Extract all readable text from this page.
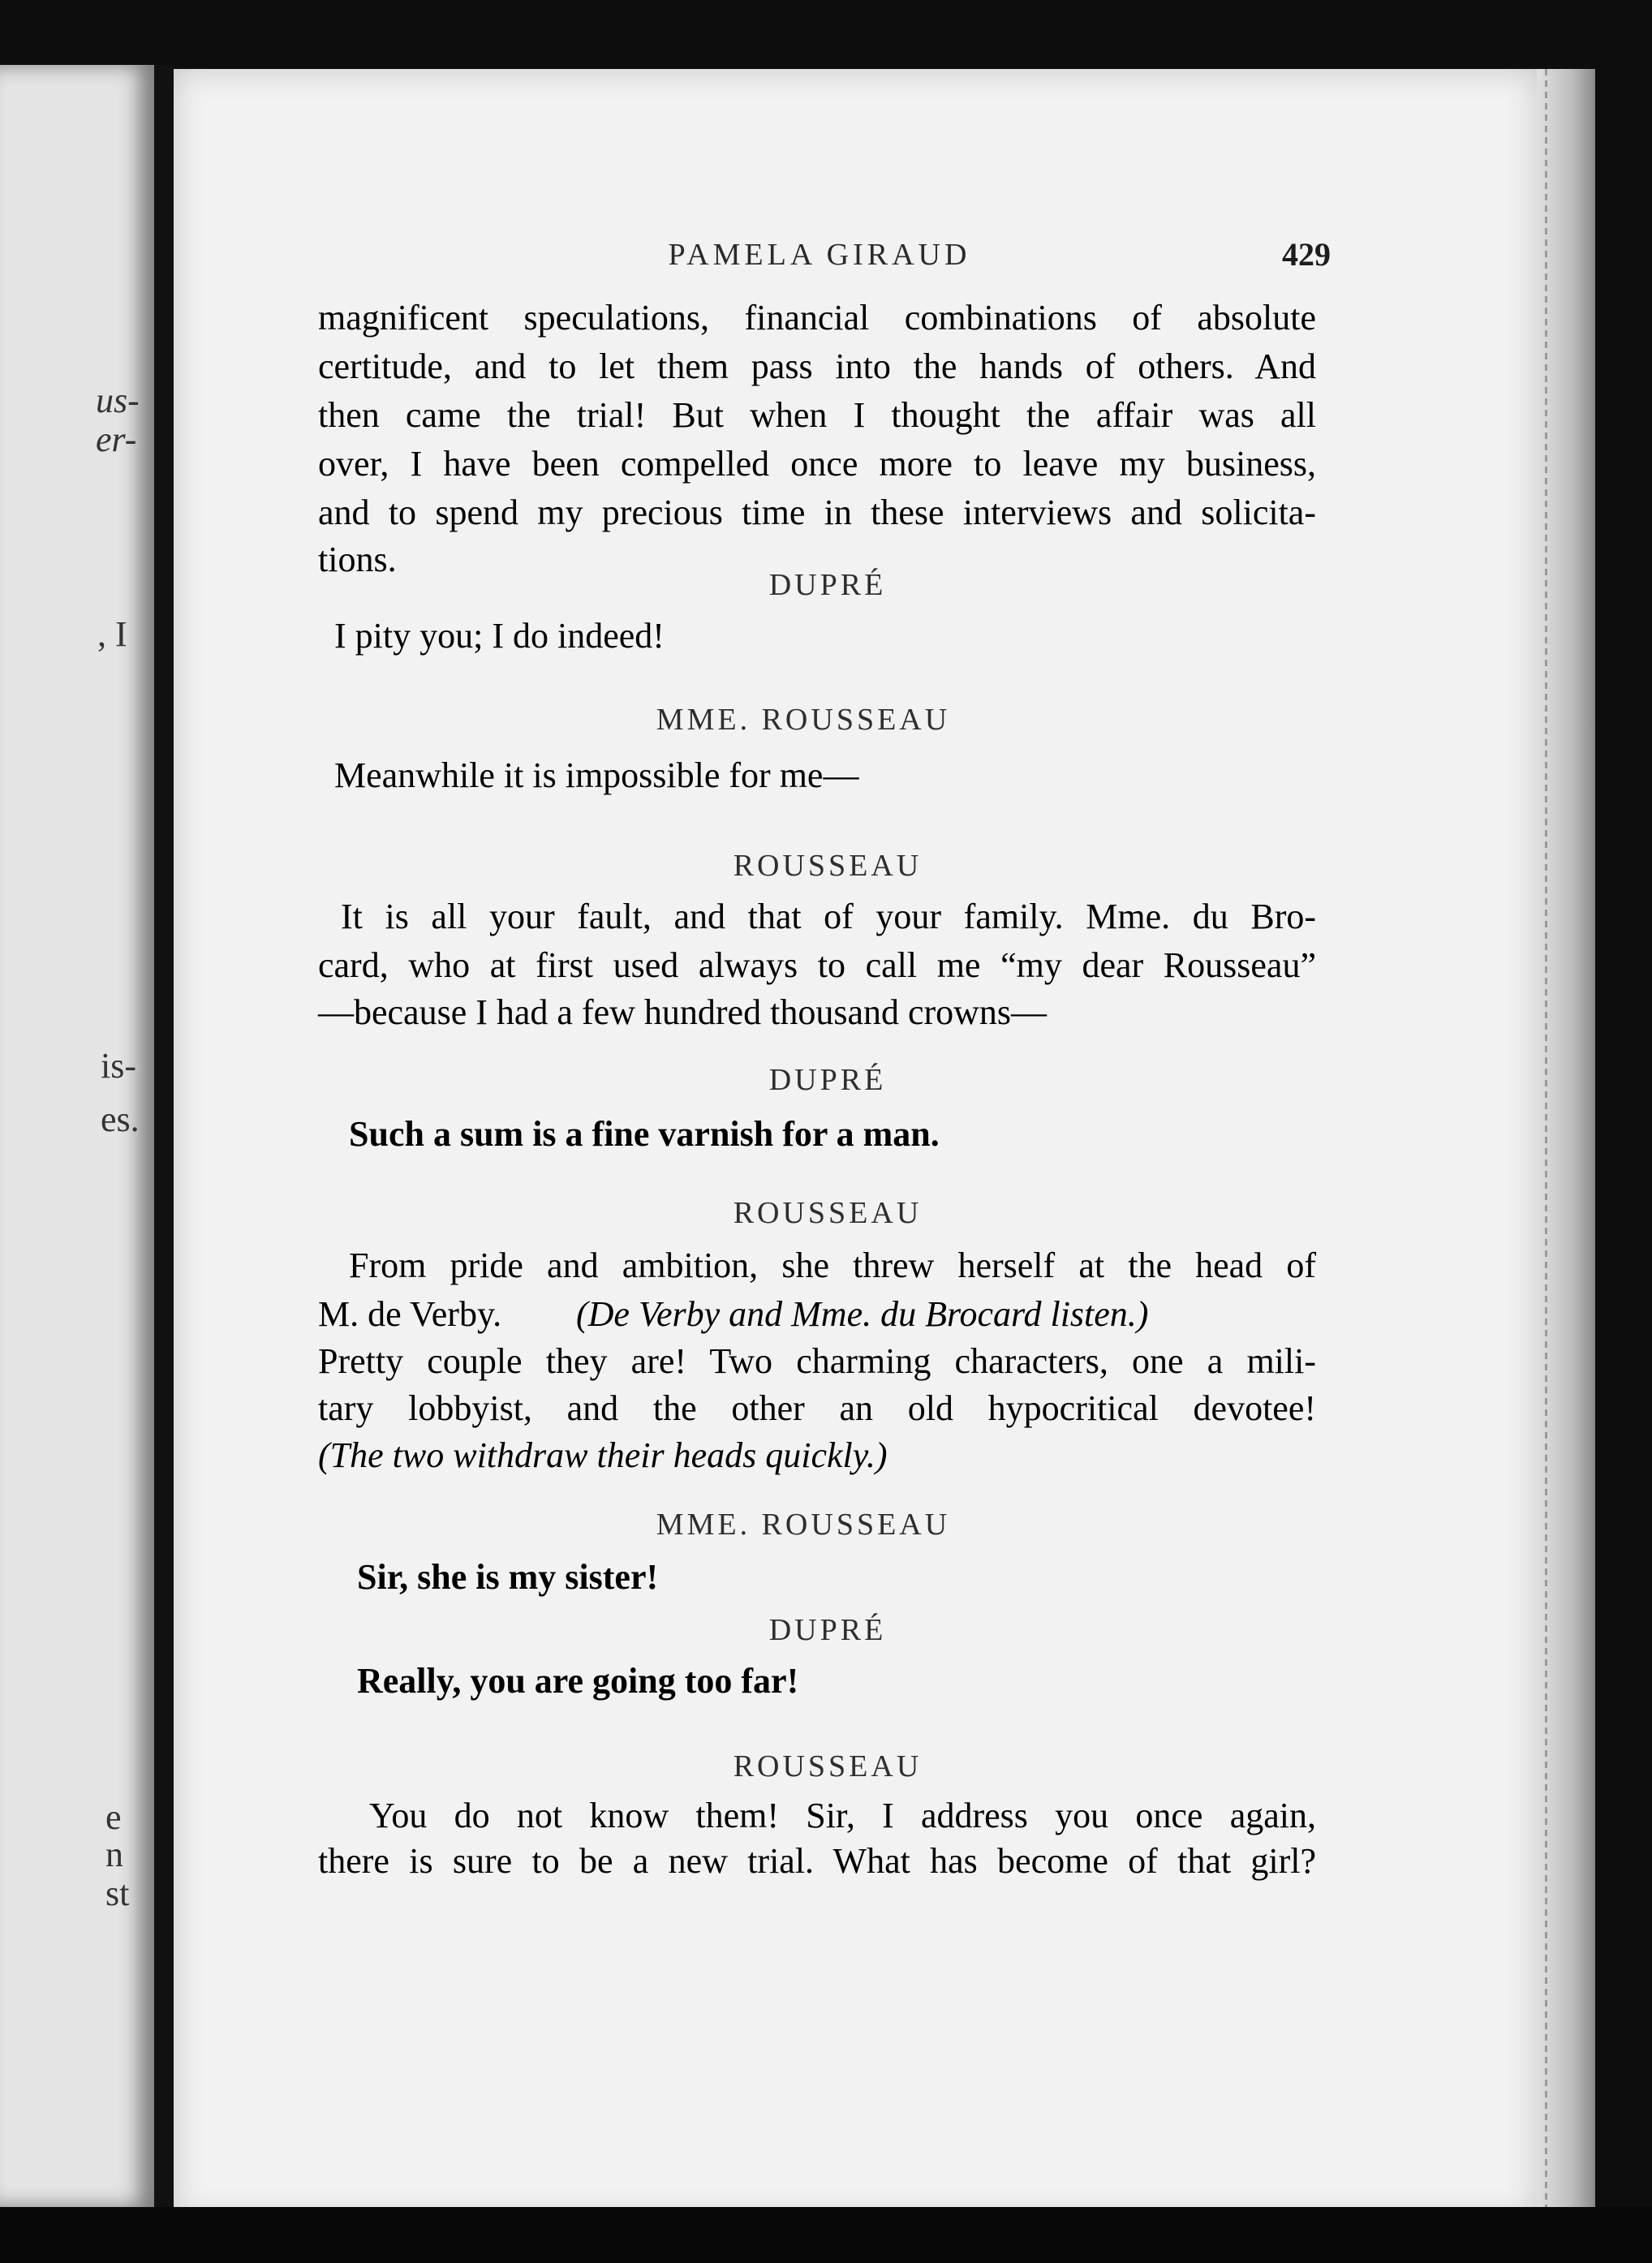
us-
er-
, I
is-
es.
e
n
st
PAMELA GIRAUD	429
magnificent speculations, financial combinations of absolute
certitude, and to let them pass into the hands of others. And
then came the trial! But when I thought the affair was all
over, I have been compelled once more to leave my business,
and to spend my precious time in these interviews and solicita-
tions.
DUPRÉ
I pity you; I do indeed!
MME. ROUSSEAU
Meanwhile it is impossible for me—
ROUSSEAU
It is all your fault, and that of your family. Mme. du Bro-
card, who at first used always to call me “my dear Rousseau”
—because I had a few hundred thousand crowns—
DUPRÉ
Such a sum is a fine varnish for a man.
ROUSSEAU
From pride and ambition, she threw herself at the head of
M. de Verby. (De Verby and Mme. du Brocard listen.)
Pretty couple they are! Two charming characters, one a mili-
tary lobbyist, and the other an old hypocritical devotee!
(The two withdraw their heads quickly.)
MME. ROUSSEAU
Sir, she is my sister!
DUPRÉ
Really, you are going too far!
ROUSSEAU
You do not know them! Sir, I address you once again,
there is sure to be a new trial. What has become of that girl?
